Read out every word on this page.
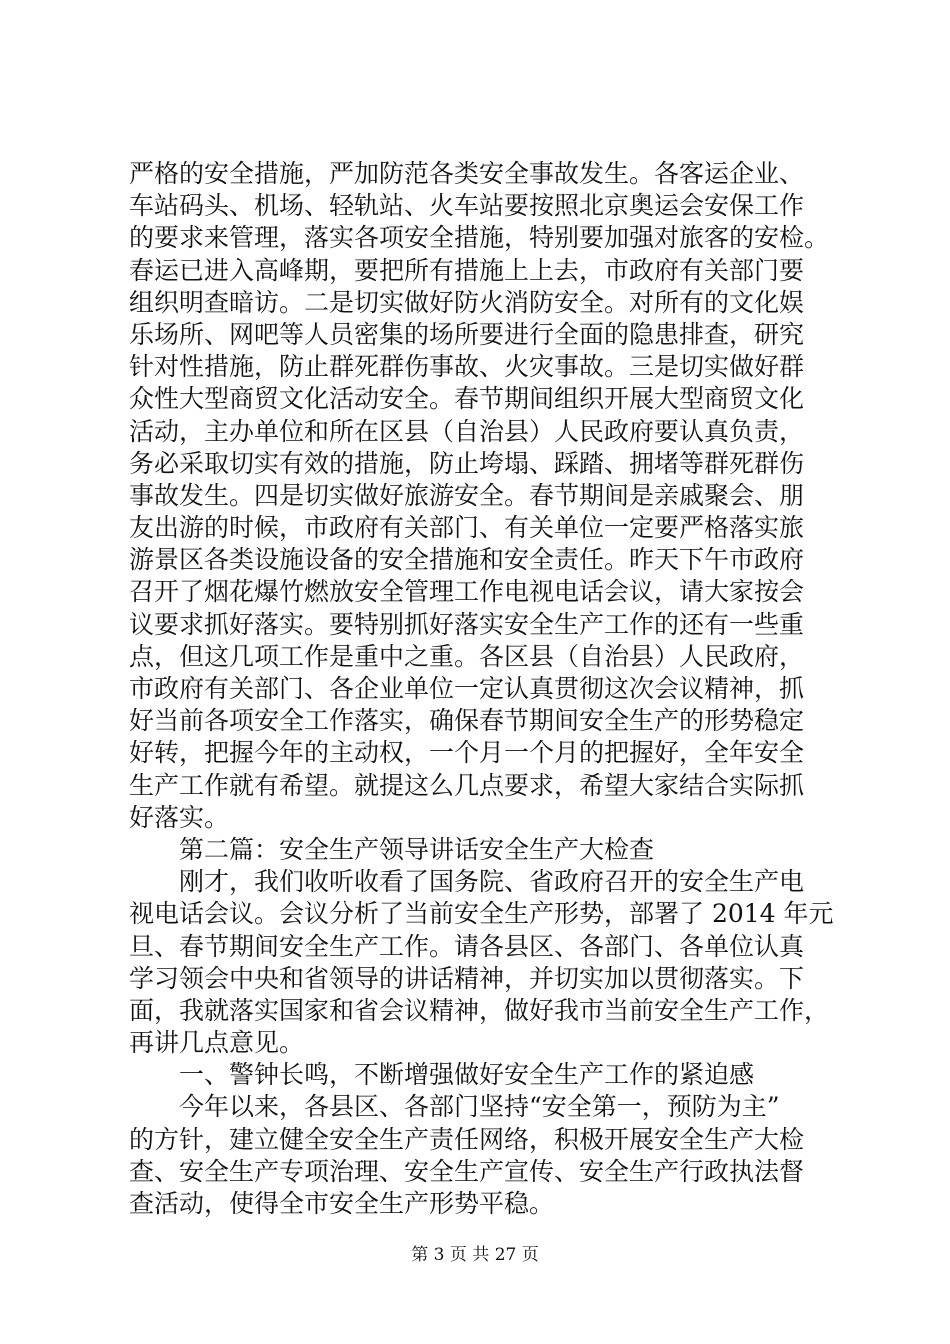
严格的安全措施，严加防范各类安全事故发生。各客运企业、
车站码头、机场、轻轨站、火车站要按照北京奥运会安保工作
的要求来管理，落实各项安全措施，特别要加强对旅客的安检。
春运已进入高峰期，要把所有措施上上去，市政府有关部门要
组织明查暗访。二是切实做好防火消防安全。对所有的文化娱
乐场所、网吧等人员密集的场所要进行全面的隐患排查，研究
针对性措施，防止群死群伤事故、火灾事故。三是切实做好群
众性大型商贸文化活动安全。春节期间组织开展大型商贸文化
活动，主办单位和所在区县（自治县）人民政府要认真负责，
务必采取切实有效的措施，防止垮塌、踩踏、拥堵等群死群伤
事故发生。四是切实做好旅游安全。春节期间是亲戚聚会、朋
友出游的时候，市政府有关部门、有关单位一定要严格落实旅
游景区各类设施设备的安全措施和安全责任。昨天下午市政府
召开了烟花爆竹燃放安全管理工作电视电话会议，请大家按会
议要求抓好落实。要特别抓好落实安全生产工作的还有一些重
点，但这几项工作是重中之重。各区县（自治县）人民政府，
市政府有关部门、各企业单位一定认真贯彻这次会议精神，抓
好当前各项安全工作落实，确保春节期间安全生产的形势稳定
好转，把握今年的主动权，一个月一个月的把握好，全年安全
生产工作就有希望。就提这么几点要求，希望大家结合实际抓
好落实。
第二篇：安全生产领导讲话安全生产大检查
刚才，我们收听收看了国务院、省政府召开的安全生产电
视电话会议。会议分析了当前安全生产形势，部署了 2014 年元
旦、春节期间安全生产工作。请各县区、各部门、各单位认真
学习领会中央和省领导的讲话精神，并切实加以贯彻落实。下
面，我就落实国家和省会议精神，做好我市当前安全生产工作，
再讲几点意见。
一、警钟长鸣，不断增强做好安全生产工作的紧迫感
今年以来，各县区、各部门坚持“安全第一，预防为主”
的方针，建立健全安全生产责任网络，积极开展安全生产大检
查、安全生产专项治理、安全生产宣传、安全生产行政执法督
查活动，使得全市安全生产形势平稳。
第 3 页 共 27 页
